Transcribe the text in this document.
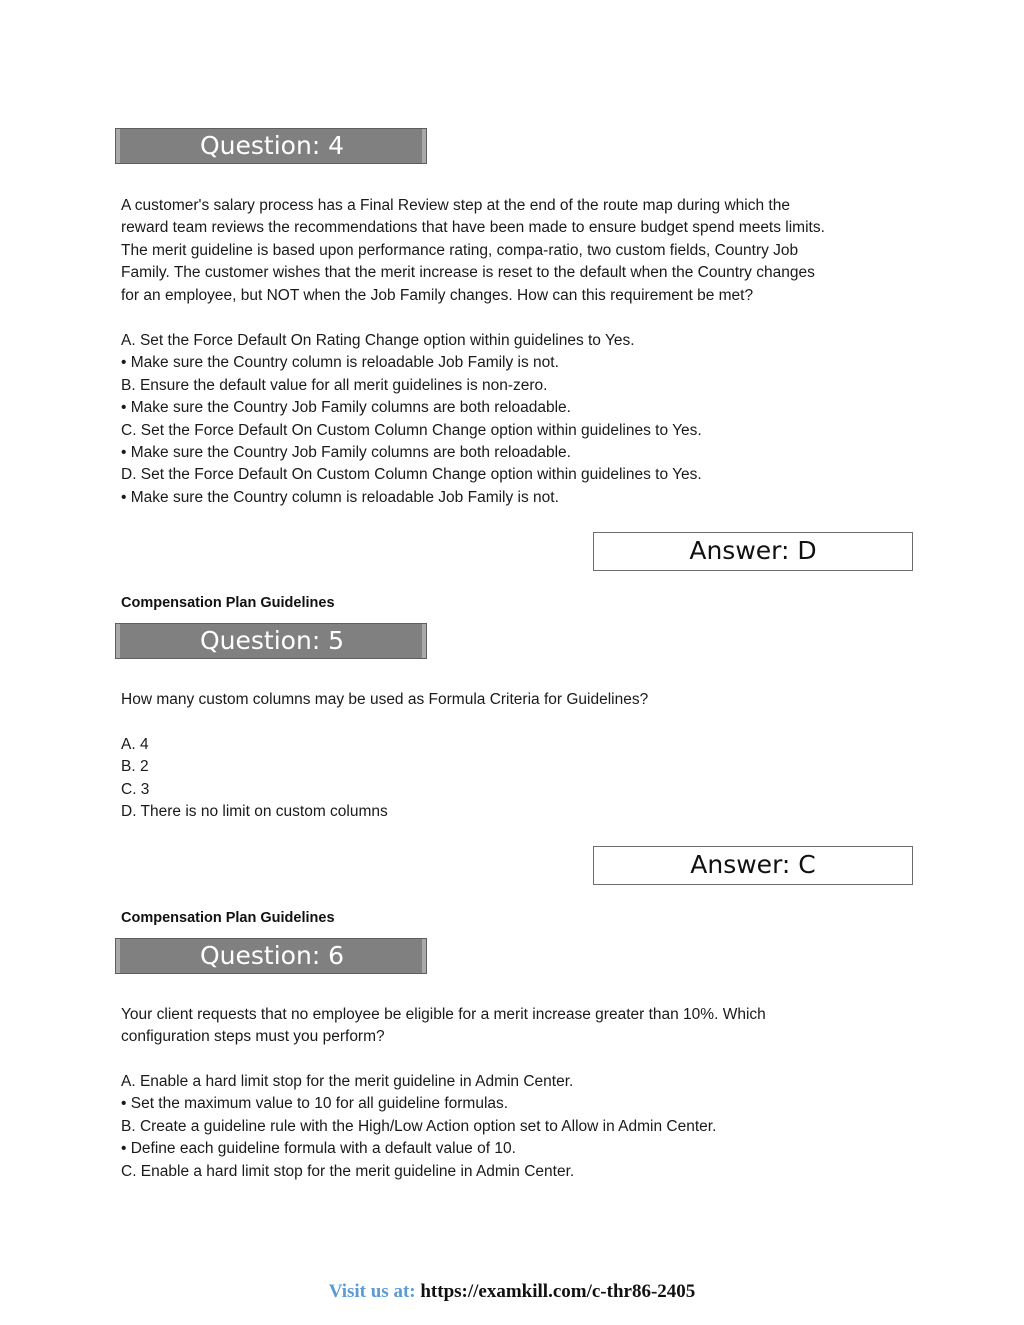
Question: 4
A customer's salary process has a Final Review step at the end of the route map during which the
reward team reviews the recommendations that have been made to ensure budget spend meets limits.
The merit guideline is based upon performance rating, compa-ratio, two custom fields, Country Job
Family. The customer wishes that the merit increase is reset to the default when the Country changes
for an employee, but NOT when the Job Family changes. How can this requirement be met?
A. Set the Force Default On Rating Change option within guidelines to Yes.
• Make sure the Country column is reloadable Job Family is not.
B. Ensure the default value for all merit guidelines is non-zero.
• Make sure the Country Job Family columns are both reloadable.
C. Set the Force Default On Custom Column Change option within guidelines to Yes.
• Make sure the Country Job Family columns are both reloadable.
D. Set the Force Default On Custom Column Change option within guidelines to Yes.
• Make sure the Country column is reloadable Job Family is not.
Answer: D
Compensation Plan Guidelines
Question: 5
How many custom columns may be used as Formula Criteria for Guidelines?
A. 4
B. 2
C. 3
D. There is no limit on custom columns
Answer: C
Compensation Plan Guidelines
Question: 6
Your client requests that no employee be eligible for a merit increase greater than 10%. Which
configuration steps must you perform?
A. Enable a hard limit stop for the merit guideline in Admin Center.
• Set the maximum value to 10 for all guideline formulas.
B. Create a guideline rule with the High/Low Action option set to Allow in Admin Center.
• Define each guideline formula with a default value of 10.
C. Enable a hard limit stop for the merit guideline in Admin Center.
Visit us at: https://examkill.com/c-thr86-2405
